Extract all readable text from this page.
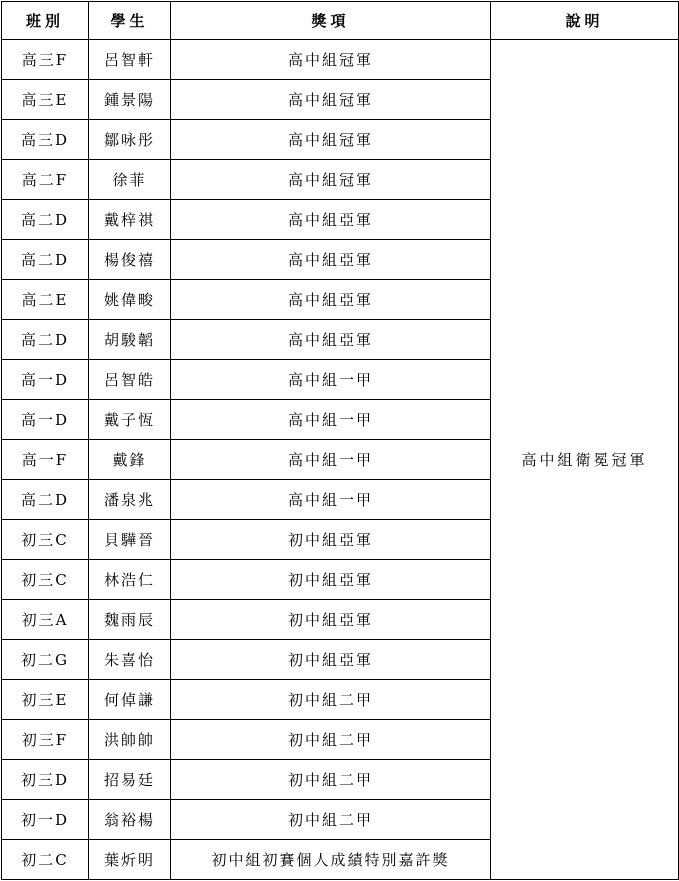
班別	學生	獎項	說明
高三F	呂智軒	高中組冠軍	高中組衛冕冠軍
高三E	鍾景陽	高中組冠軍	
高三D	鄒咏彤	高中組冠軍	
高二F	徐菲	高中組冠軍	
高二D	戴梓祺	高中組亞軍	
高二D	楊俊禧	高中組亞軍	
高二E	姚偉畯	高中組亞軍	
高二D	胡駿韜	高中組亞軍	
高一D	呂智皓	高中組一甲	
高一D	戴子恆	高中組一甲	
高一F	戴鋒	高中組一甲	
高二D	潘泉兆	高中組一甲	
初三C	貝驊晉	初中組亞軍	
初三C	林浩仁	初中組亞軍	
初三A	魏雨辰	初中組亞軍	
初二G	朱喜怡	初中組亞軍	
初三E	何倬謙	初中組二甲	
初三F	洪帥帥	初中組二甲	
初三D	招易廷	初中組二甲	
初一D	翁裕楊	初中組二甲	
初二C	葉炘明	初中組初賽個人成績特別嘉許獎	
